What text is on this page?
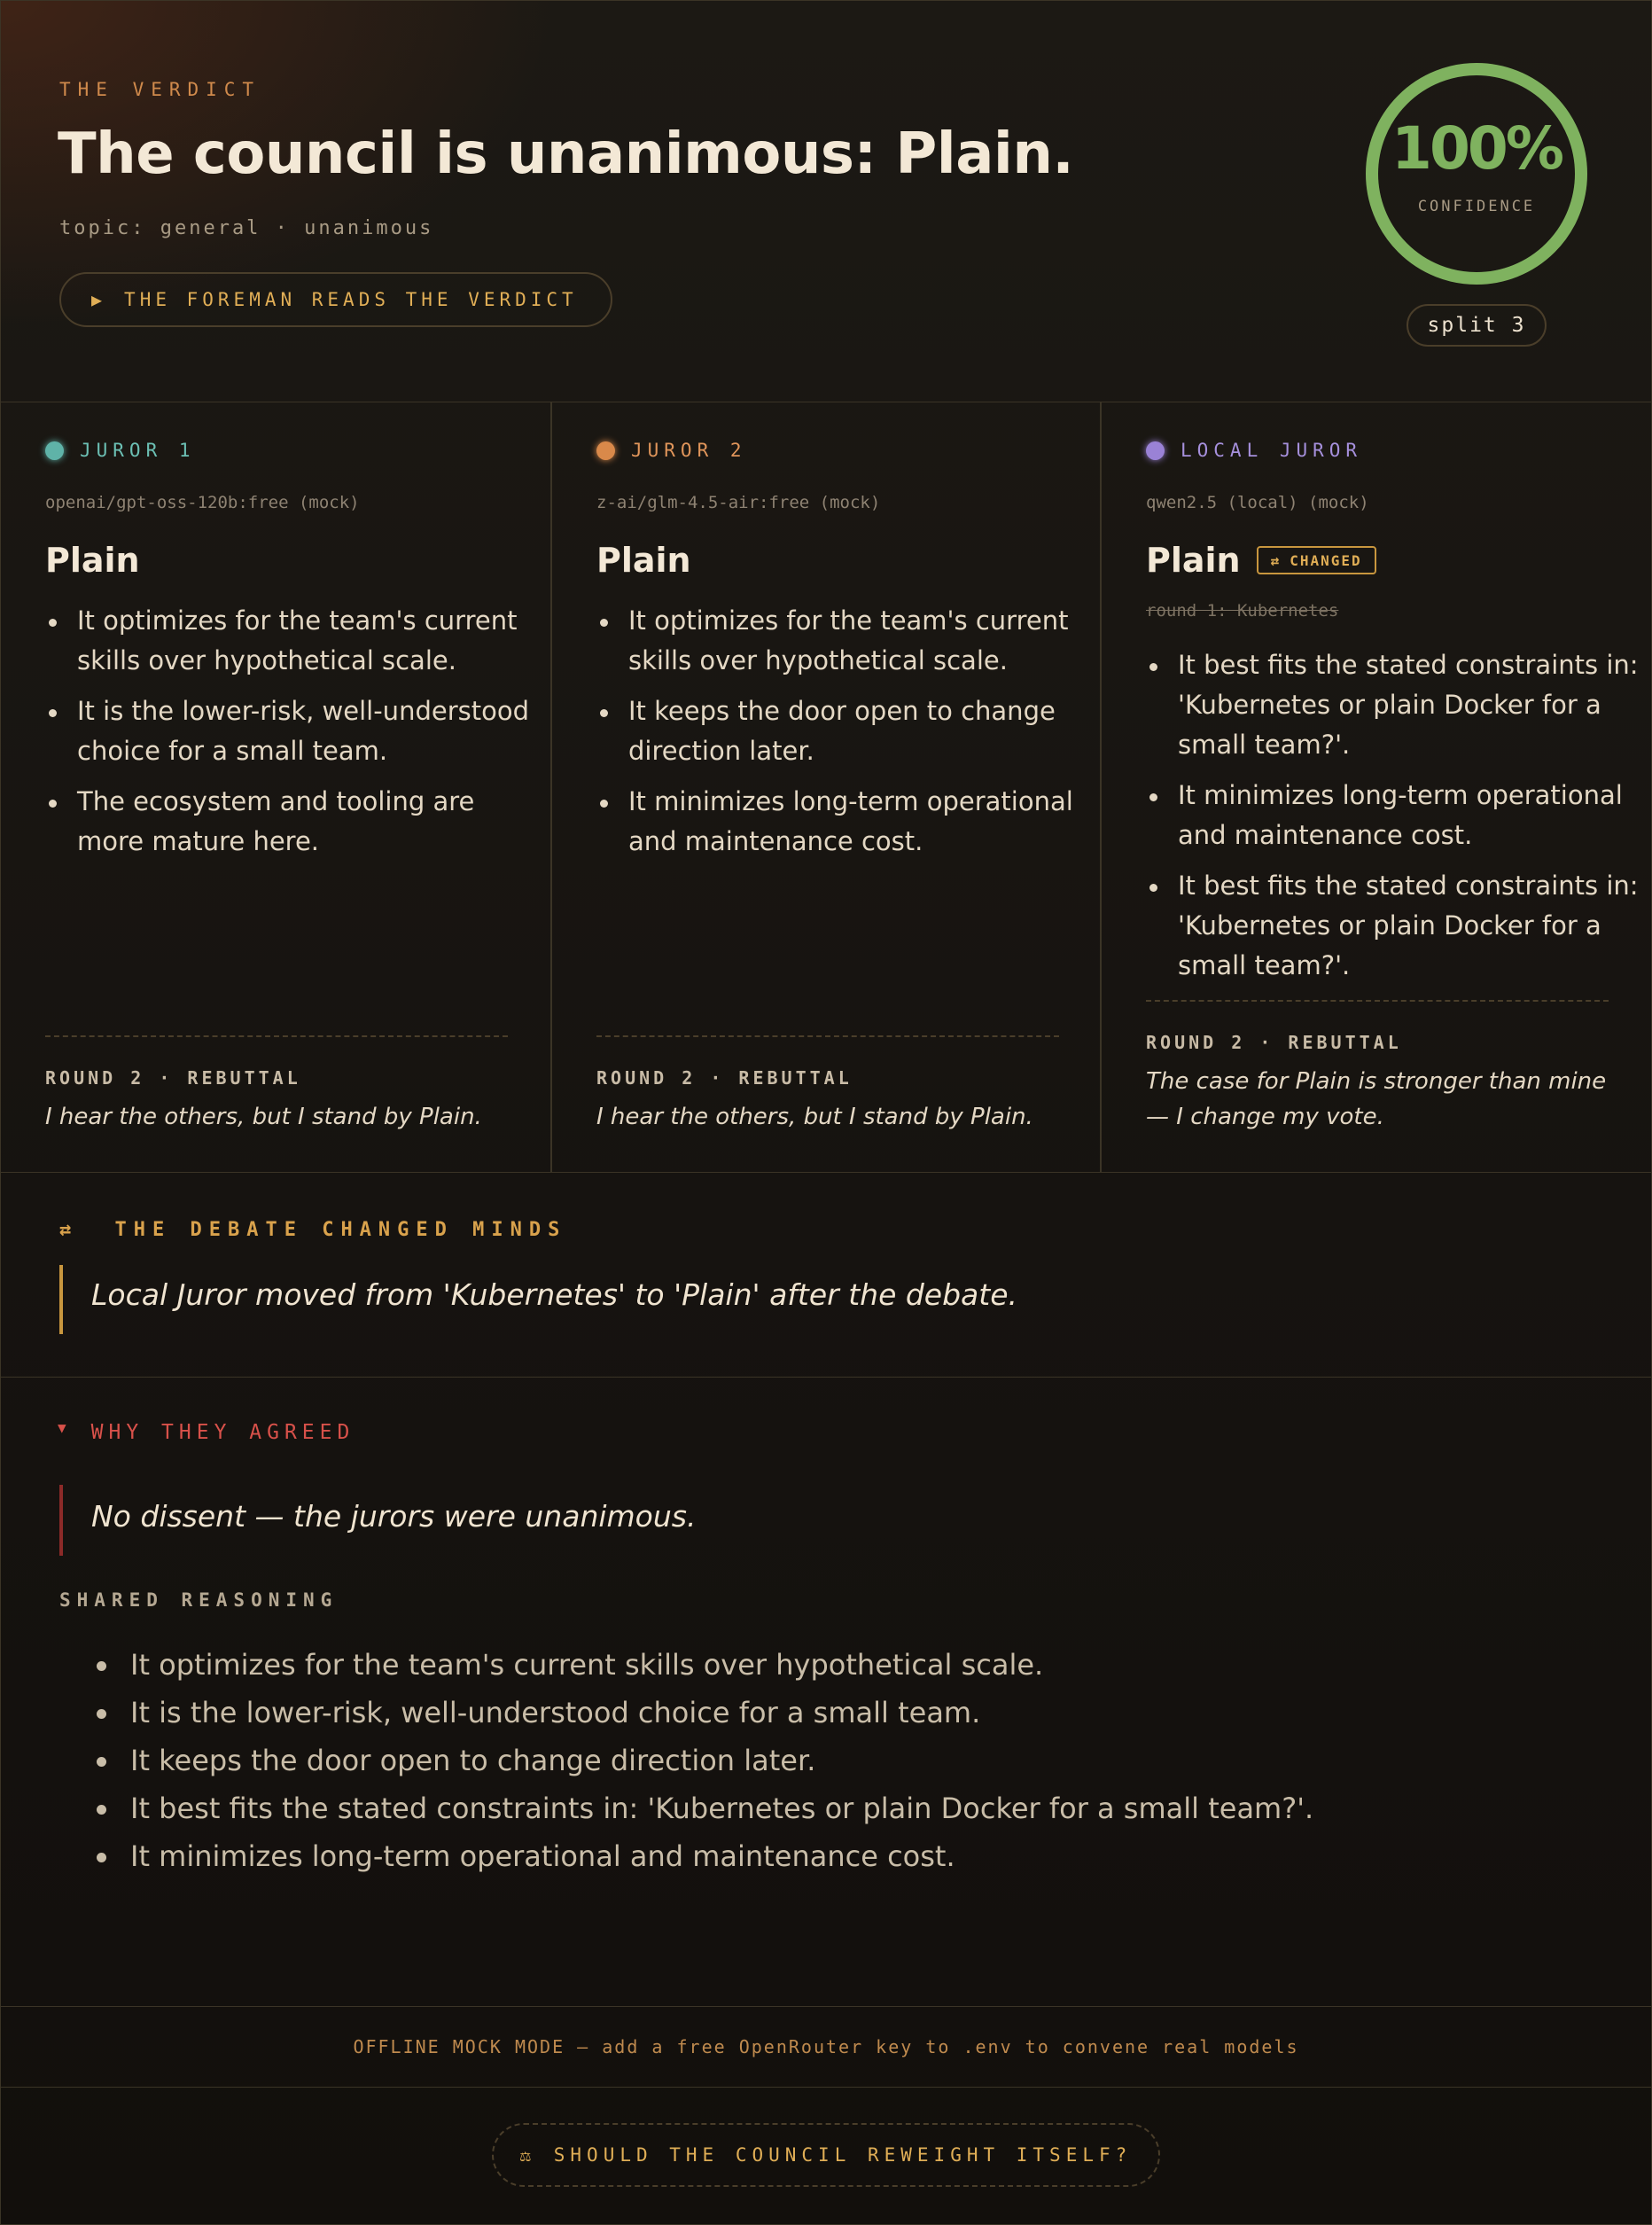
THE VERDICT
The council is unanimous: Plain.
topic: general · unanimous
▶ THE FOREMAN READS THE VERDICT
100%
CONFIDENCE
split 3
JUROR 1
openai/gpt-oss-120b:free (mock)
Plain
It optimizes for the team's current skills over hypothetical scale.
It is the lower-risk, well-understood choice for a small team.
The ecosystem and tooling are more mature here.
ROUND 2 · REBUTTAL
I hear the others, but I stand by Plain.
JUROR 2
z-ai/glm-4.5-air:free (mock)
Plain
It optimizes for the team's current skills over hypothetical scale.
It keeps the door open to change direction later.
It minimizes long-term operational and maintenance cost.
ROUND 2 · REBUTTAL
I hear the others, but I stand by Plain.
LOCAL JUROR
qwen2.5 (local) (mock)
Plain ⇄ CHANGED
round 1: Kubernetes
It best fits the stated constraints in: 'Kubernetes or plain Docker for a small team?'.
It minimizes long-term operational and maintenance cost.
It best fits the stated constraints in: 'Kubernetes or plain Docker for a small team?'.
ROUND 2 · REBUTTAL
The case for Plain is stronger than mine — I change my vote.
⇄ THE DEBATE CHANGED MINDS
Local Juror moved from 'Kubernetes' to 'Plain' after the debate.
▼ WHY THEY AGREED
No dissent — the jurors were unanimous.
SHARED REASONING
It optimizes for the team's current skills over hypothetical scale.
It is the lower-risk, well-understood choice for a small team.
It keeps the door open to change direction later.
It best fits the stated constraints in: 'Kubernetes or plain Docker for a small team?'.
It minimizes long-term operational and maintenance cost.
OFFLINE MOCK MODE — add a free OpenRouter key to .env to convene real models
⚖ SHOULD THE COUNCIL REWEIGHT ITSELF?
